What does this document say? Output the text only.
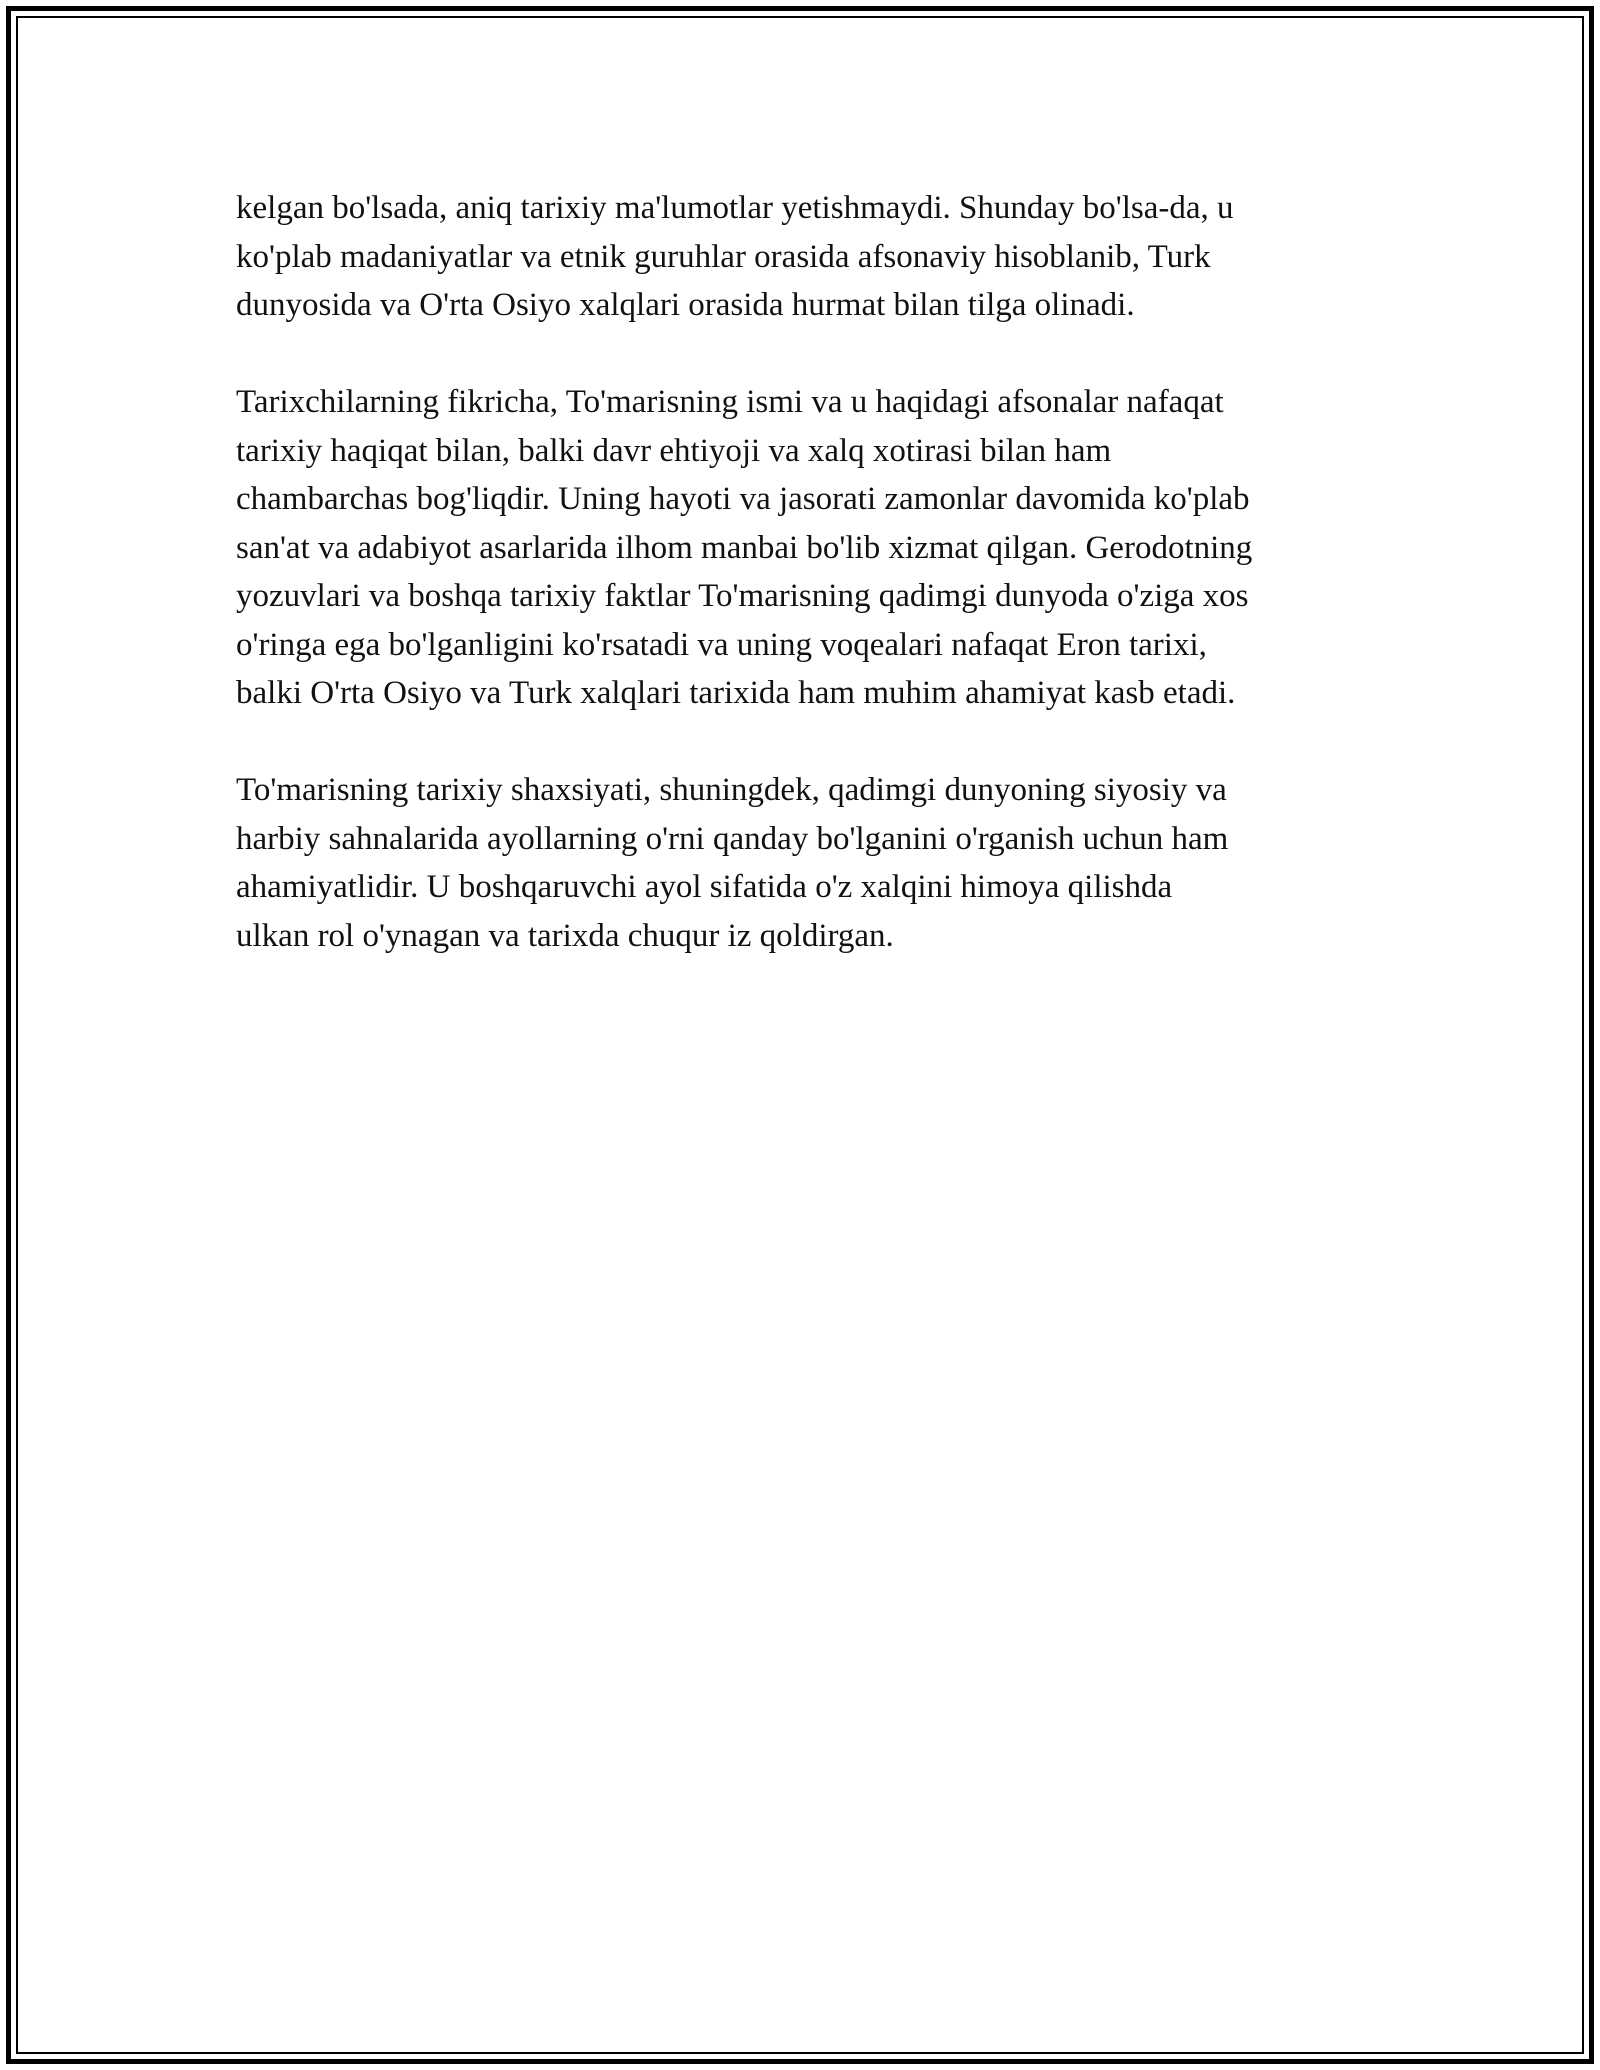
kelgan bo'lsada, aniq tarixiy ma'lumotlar yetishmaydi. Shunday bo'lsa-da, u
ko'plab madaniyatlar va etnik guruhlar orasida afsonaviy hisoblanib, Turk
dunyosida va O'rta Osiyo xalqlari orasida hurmat bilan tilga olinadi.

Tarixchilarning fikricha, To'marisning ismi va u haqidagi afsonalar nafaqat
tarixiy haqiqat bilan, balki davr ehtiyoji va xalq xotirasi bilan ham
chambarchas bog'liqdir. Uning hayoti va jasorati zamonlar davomida ko'plab
san'at va adabiyot asarlarida ilhom manbai bo'lib xizmat qilgan. Gerodotning
yozuvlari va boshqa tarixiy faktlar To'marisning qadimgi dunyoda o'ziga xos
o'ringa ega bo'lganligini ko'rsatadi va uning voqealari nafaqat Eron tarixi,
balki O'rta Osiyo va Turk xalqlari tarixida ham muhim ahamiyat kasb etadi.

To'marisning tarixiy shaxsiyati, shuningdek, qadimgi dunyoning siyosiy va
harbiy sahnalarida ayollarning o'rni qanday bo'lganini o'rganish uchun ham
ahamiyatlidir. U boshqaruvchi ayol sifatida o'z xalqini himoya qilishda
ulkan rol o'ynagan va tarixda chuqur iz qoldirgan.
